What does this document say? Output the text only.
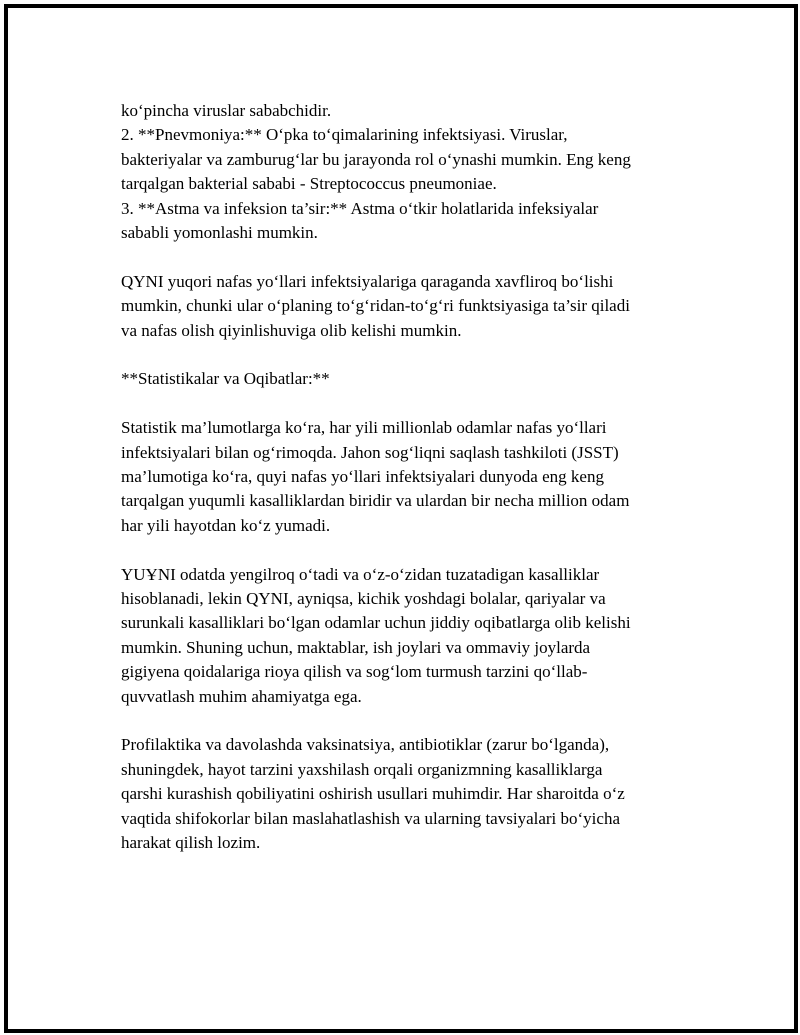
ko‘pincha viruslar sababchidir.
2. **Pnevmoniya:** O‘pka to‘qimalarining infektsiyasi. Viruslar,
bakteriyalar va zamburug‘lar bu jarayonda rol o‘ynashi mumkin. Eng keng
tarqalgan bakterial sababi - Streptococcus pneumoniae.
3. **Astma va infeksion ta’sir:** Astma o‘tkir holatlarida infeksiyalar
sababli yomonlashi mumkin.
QYNI yuqori nafas yo‘llari infektsiyalariga qaraganda xavfliroq bo‘lishi
mumkin, chunki ular o‘planing to‘g‘ridan-to‘g‘ri funktsiyasiga ta’sir qiladi
va nafas olish qiyinlishuviga olib kelishi mumkin.
**Statistikalar va Oqibatlar:**
Statistik ma’lumotlarga ko‘ra, har yili millionlab odamlar nafas yo‘llari
infektsiyalari bilan og‘rimoqda. Jahon sog‘liqni saqlash tashkiloti (JSST)
ma’lumotiga ko‘ra, quyi nafas yo‘llari infektsiyalari dunyoda eng keng
tarqalgan yuqumli kasalliklardan biridir va ulardan bir necha million odam
har yili hayotdan ko‘z yumadi.
YUҰNI odatda yengilroq o‘tadi va o‘z-o‘zidan tuzatadigan kasalliklar
hisoblanadi, lekin QYNI, ayniqsa, kichik yoshdagi bolalar, qariyalar va
surunkali kasalliklari bo‘lgan odamlar uchun jiddiy oqibatlarga olib kelishi
mumkin. Shuning uchun, maktablar, ish joylari va ommaviy joylarda
gigiyena qoidalariga rioya qilish va sog‘lom turmush tarzini qo‘llab-
quvvatlash muhim ahamiyatga ega.
Profilaktika va davolashda vaksinatsiya, antibiotiklar (zarur bo‘lganda),
shuningdek, hayot tarzini yaxshilash orqali organizmning kasalliklarga
qarshi kurashish qobiliyatini oshirish usullari muhimdir. Har sharoitda o‘z
vaqtida shifokorlar bilan maslahatlashish va ularning tavsiyalari bo‘yicha
harakat qilish lozim.
